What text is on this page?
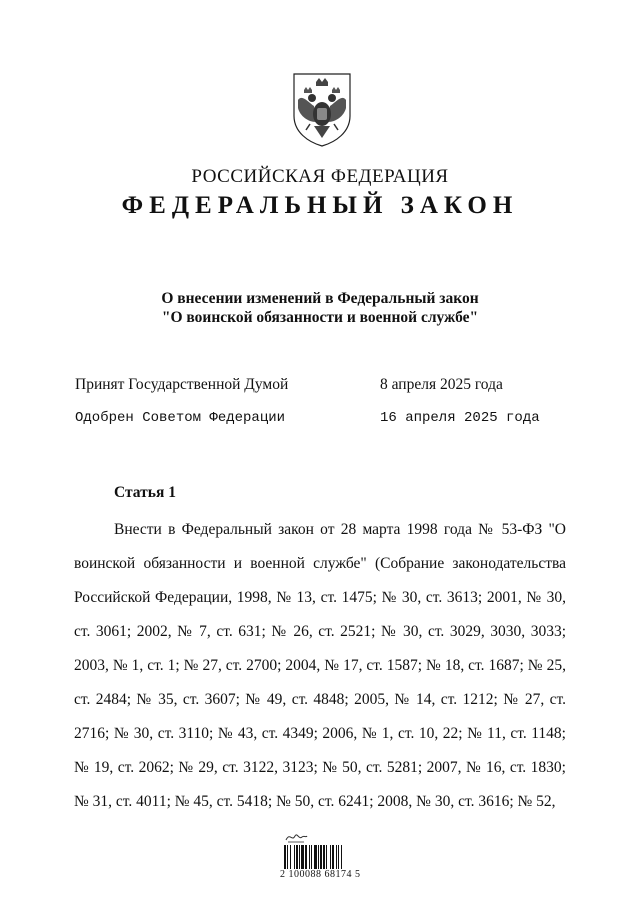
РОССИЙСКАЯ ФЕДЕРАЦИЯ
ФЕДЕРАЛЬНЫЙ ЗАКОН
О внесении изменений в Федеральный закон
"О воинской обязанности и военной службе"
Принят Государственной Думой	8 апреля 2025 года
Одобрен Советом Федерации	16 апреля 2025 года
Статья 1

Внести в Федеральный закон от 28 марта 1998 года № 53-ФЗ "О воинской обязанности и военной службе" (Собрание законодательства Российской Федерации, 1998, № 13, ст. 1475; № 30, ст. 3613; 2001, № 30, ст. 3061; 2002, № 7, ст. 631; № 26, ст. 2521; № 30, ст. 3029, 3030, 3033; 2003, № 1, ст. 1; № 27, ст. 2700; 2004, № 17, ст. 1587; № 18, ст. 1687; № 25, ст. 2484; № 35, ст. 3607; № 49, ст. 4848; 2005, № 14, ст. 1212; № 27, ст. 2716; № 30, ст. 3110; № 43, ст. 4349; 2006, № 1, ст. 10, 22; № 11, ст. 1148; № 19, ст. 2062; № 29, ст. 3122, 3123; № 50, ст. 5281; 2007, № 16, ст. 1830; № 31, ст. 4011; № 45, ст. 5418; № 50, ст. 6241; 2008, № 30, ст. 3616; № 52,

2 100088 68174 5
